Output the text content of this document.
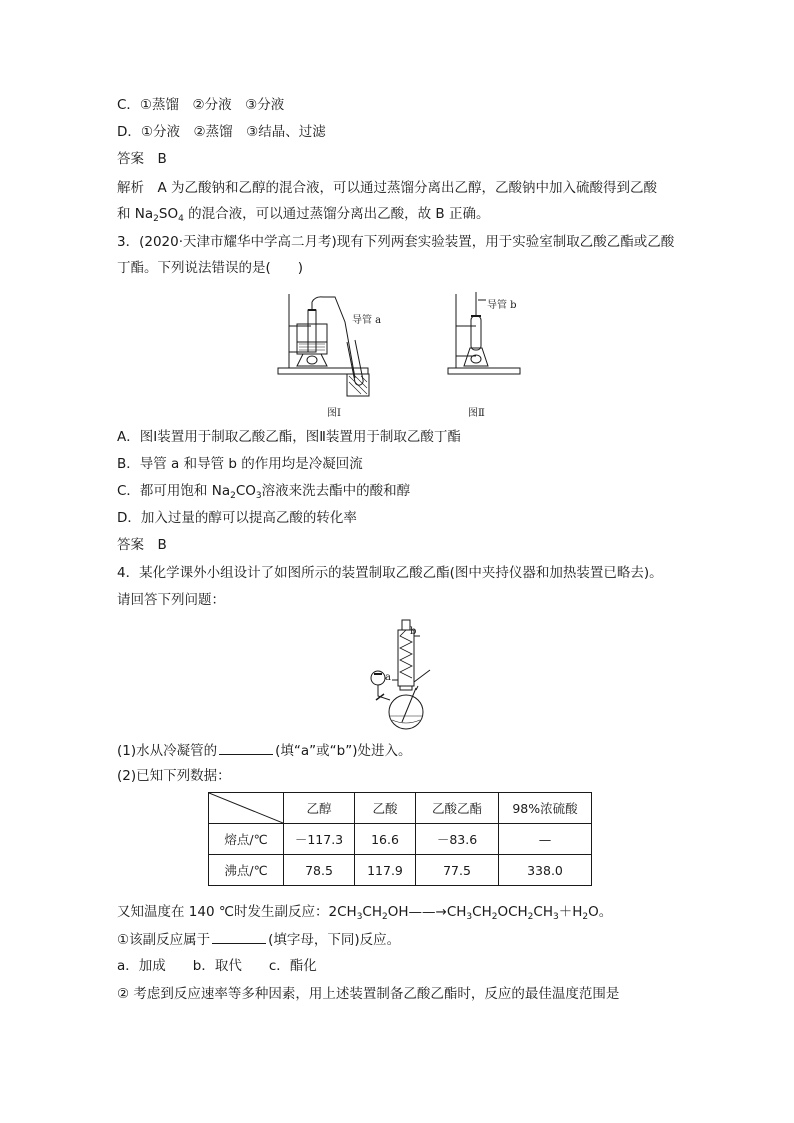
C．①蒸馏　②分液　③分液
D．①分液　②蒸馏　③结晶、过滤
答案　B
解析　A 为乙酸钠和乙醇的混合液，可以通过蒸馏分离出乙醇，乙酸钠中加入硫酸得到乙酸
和 $Na_2SO_4$ 的混合液，可以通过蒸馏分离出乙酸，故 B 正确。
3．(2020·天津市耀华中学高二月考)现有下列两套实验装置，用于实验室制取乙酸乙酯或乙酸
丁酯。下列说法错误的是(　　)
导管 a
图Ⅰ
导管 b
图Ⅱ
A．图Ⅰ装置用于制取乙酸乙酯，图Ⅱ装置用于制取乙酸丁酯
B．导管 a 和导管 b 的作用均是冷凝回流
C．都可用饱和 $Na_2CO_3$溶液来洗去酯中的酸和醇
D．加入过量的醇可以提高乙酸的转化率
答案　B
4．某化学课外小组设计了如图所示的装置制取乙酸乙酯(图中夹持仪器和加热装置已略去)。
请回答下列问题：
b
a
(1)水从冷凝管的	(填“a”或“b”)处进入。
(2)已知下列数据：
	乙醇	乙酸	乙酸乙酯	98%浓硫酸
熔点/℃	－117.3	16.6	－83.6	—
沸点/℃	78.5	117.9	77.5	338.0
又知温度在 140 ℃时发生副反应：$2CH_3CH_2OH——\to CH_3CH_2OCH_2CH_3+H_2O$。
①该副反应属于	(填字母，下同)反应。
a．加成　　b．取代　　c．酯化
② 考虑到反应速率等多种因素，用上述装置制备乙酸乙酯时，反应的最佳温度范围是
